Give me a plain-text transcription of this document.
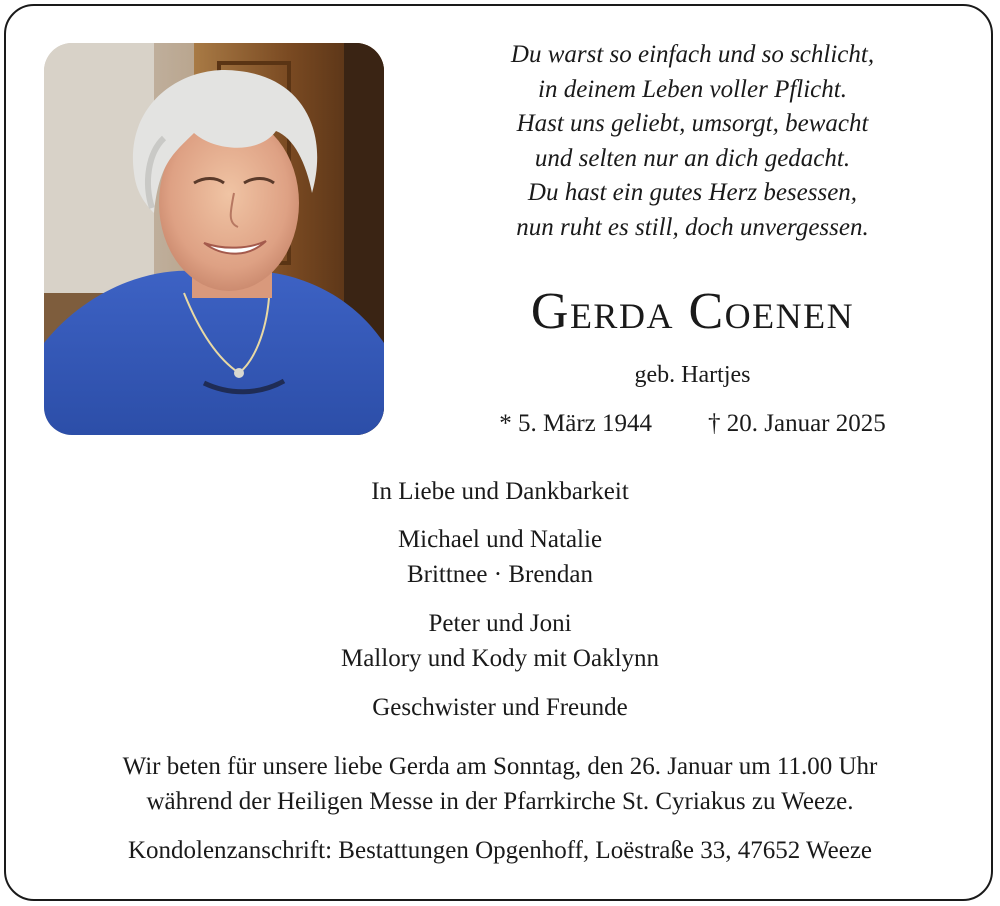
Du warst so einfach und so schlicht,
in deinem Leben voller Pflicht.
Hast uns geliebt, umsorgt, bewacht
und selten nur an dich gedacht.
Du hast ein gutes Herz besessen,
nun ruht es still, doch unvergessen.
Gerda Coenen
geb. Hartjes
* 5. März 1944 † 20. Januar 2025
In Liebe und Dankbarkeit
Michael und Natalie
Brittnee · Brendan
Peter und Joni
Mallory und Kody mit Oaklynn
Geschwister und Freunde
Wir beten für unsere liebe Gerda am Sonntag, den 26. Januar um 11.00 Uhr
während der Heiligen Messe in der Pfarrkirche St. Cyriakus zu Weeze.
Kondolenzanschrift: Bestattungen Opgenhoff, Loëstraße 33, 47652 Weeze
